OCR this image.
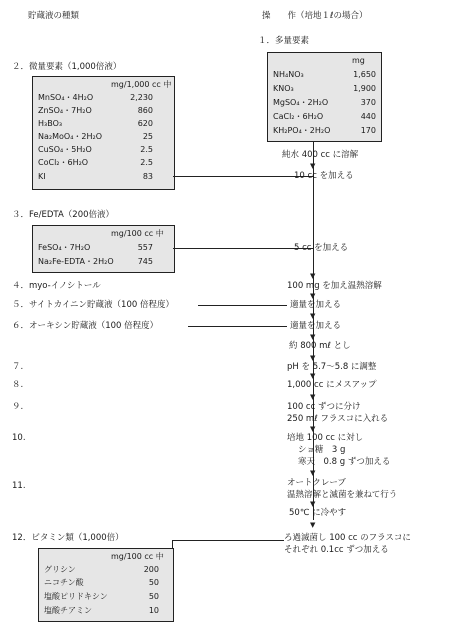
貯蔵液の種類	操　　作（培地１ℓの場合）
１．多量要素
mg
NH₄NO₃	1,650
KNO₃	1,900
MgSO₄・2H₂O	370
CaCl₂・6H₂O	440
KH₂PO₄・2H₂O	170
純水 400 cc に溶解
▼
２．微量要素（1,000倍液）
mg/1,000 cc 中
MnSO₄・4H₂O	2,230
ZnSO₄・7H₂O	860
H₃BO₃	620
Na₂MoO₄・2H₂O	25
CuSO₄・5H₂O	2.5
CoCl₂・6H₂O	2.5
KI	83	10 cc を加える
３．Fe/EDTA（200倍液）
mg/100 cc 中
FeSO₄・7H₂O	557
Na₂Fe-EDTA・2H₂O	745
5 cc を加える
４．myo-イノシトール	100 mg を加え温熱溶解
５．サイトカイニン貯蔵液（100 倍程度）	適量を加える
６．オーキシン貯蔵液（100 倍程度）	適量を加える
約 800 mℓ とし
７.	pH を 5.7～5.8 に調整
８.	1,000 cc にメスアップ
９.	100 cc ずつに分け
250 mℓ フラスコに入れる
10.	培地 100 cc に対し
ショ糖　3 g
寒天　0.8 g ずつ加える
11.	オートクレーブ
温熱溶解と滅菌を兼ねて行う
50℃ に冷やす
12．ビタミン類（1,000倍）
mg/100 cc 中
グリシン	200
ニコチン酸	50
塩酸ピリドキシン	50
塩酸チアミン	10
ろ過滅菌し 100 cc のフラスコに
それぞれ 0.1cc ずつ加える
▼
▼
▼
▼
▼
▼
▼
▼
▼
▼
▼
